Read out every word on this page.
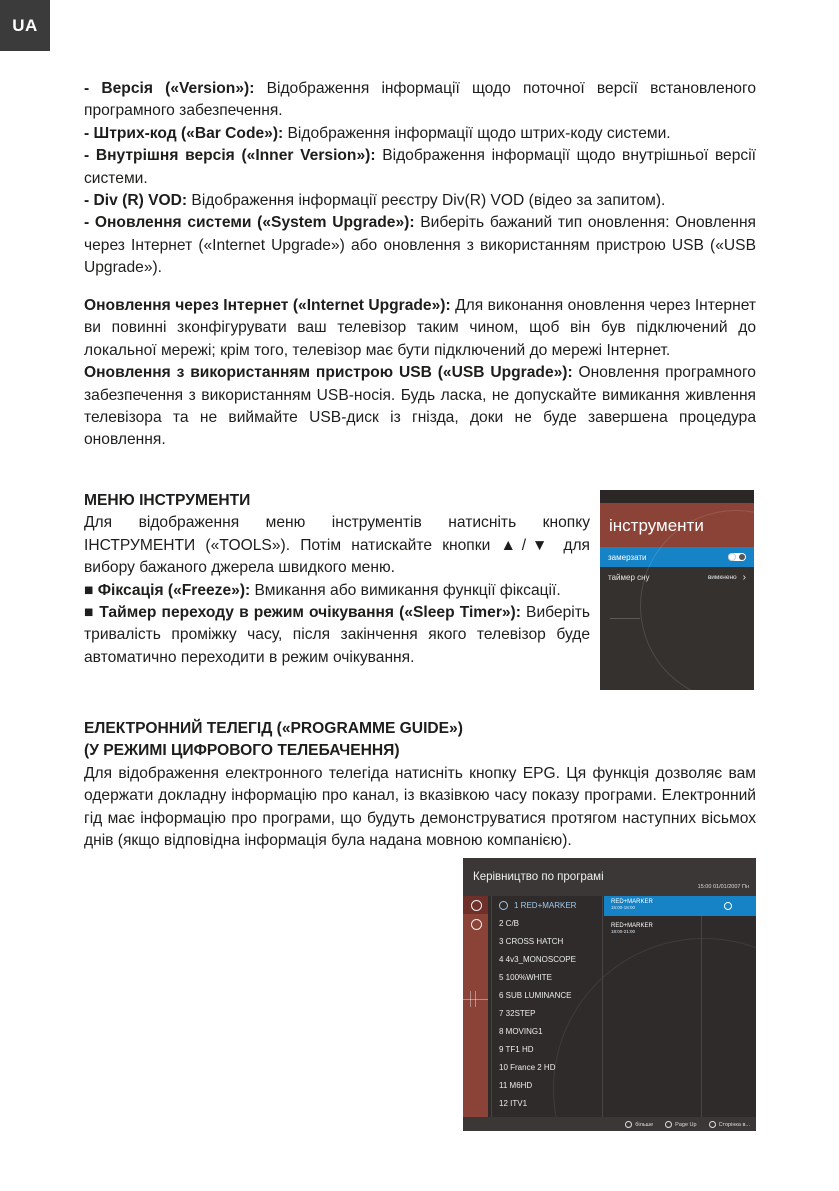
UA

- Версія («Version»): Відображення інформації щодо поточної версії встановленого програмного забезпечення.
- Штрих-код («Bar Code»): Відображення інформації щодо штрих-коду системи.
- Внутрішня версія («Inner Version»): Відображення інформації щодо внутрішньої версії системи.
- Div (R) VOD: Відображення інформації реєстру Div(R) VOD (відео за запитом).
- Оновлення системи («System Upgrade»): Виберіть бажаний тип оновлення: Оновлення через Інтернет («Internet Upgrade») або оновлення з використанням пристрою USB («USB Upgrade»).

Оновлення через Інтернет («Internet Upgrade»): Для виконання оновлення через Інтернет ви повинні зконфігурувати ваш телевізор таким чином, щоб він був підключений до локальної мережі; крім того, телевізор має бути підключений до мережі Інтернет.
Оновлення з використанням пристрою USB («USB Upgrade»): Оновлення програмного забезпечення з використанням USB-носія. Будь ласка, не допускайте вимикання живлення телевізора та не виймайте USB-диск із гнізда, доки не буде завершена процедура оновлення.

МЕНЮ ІНСТРУМЕНТИ
Для відображення меню інструментів натисніть кнопку ІНСТРУМЕНТИ («TOOLS»). Потім натискайте кнопки ▲/▼ для вибору бажаного джерела швидкого меню.
■ Фіксація («Freeze»): Вмикання або вимикання функції фіксації.
■ Таймер переходу в режим очікування («Sleep Timer»): Виберіть тривалість проміжку часу, після закінчення якого телевізор буде автоматично переходити в режим очікування.

інструменти
замерзати
таймер сну	вимкнено ›

ЕЛЕКТРОННИЙ ТЕЛЕГІД («PROGRAMME GUIDE»)
(У РЕЖИМІ ЦИФРОВОГО ТЕЛЕБАЧЕННЯ)
Для відображення електронного телегіда натисніть кнопку EPG. Ця функція дозволяє вам одержати докладну інформацію про канал, із вказівкою часу показу програми. Електронний гід має інформацію про програми, що будуть демонструватися протягом наступних вісьмох днів (якщо відповідна інформація була надана мовною компанією).

Керівництво по програмі
15:00 01/01/2007 Пн
1 RED+MARKER
2 C/B
3 CROSS HATCH
4 4v3_MONOSCOPE
5 100%WHITE
6 SUB LUMINANCE
7 32STEP
8 MOVING1
9 TF1 HD
10 France 2 HD
11 M6HD
12 ITV1
RED+MARKER
15:00-18:00
RED+MARKER
18:00-21:00
більше	Page Up	Сторінка в...
